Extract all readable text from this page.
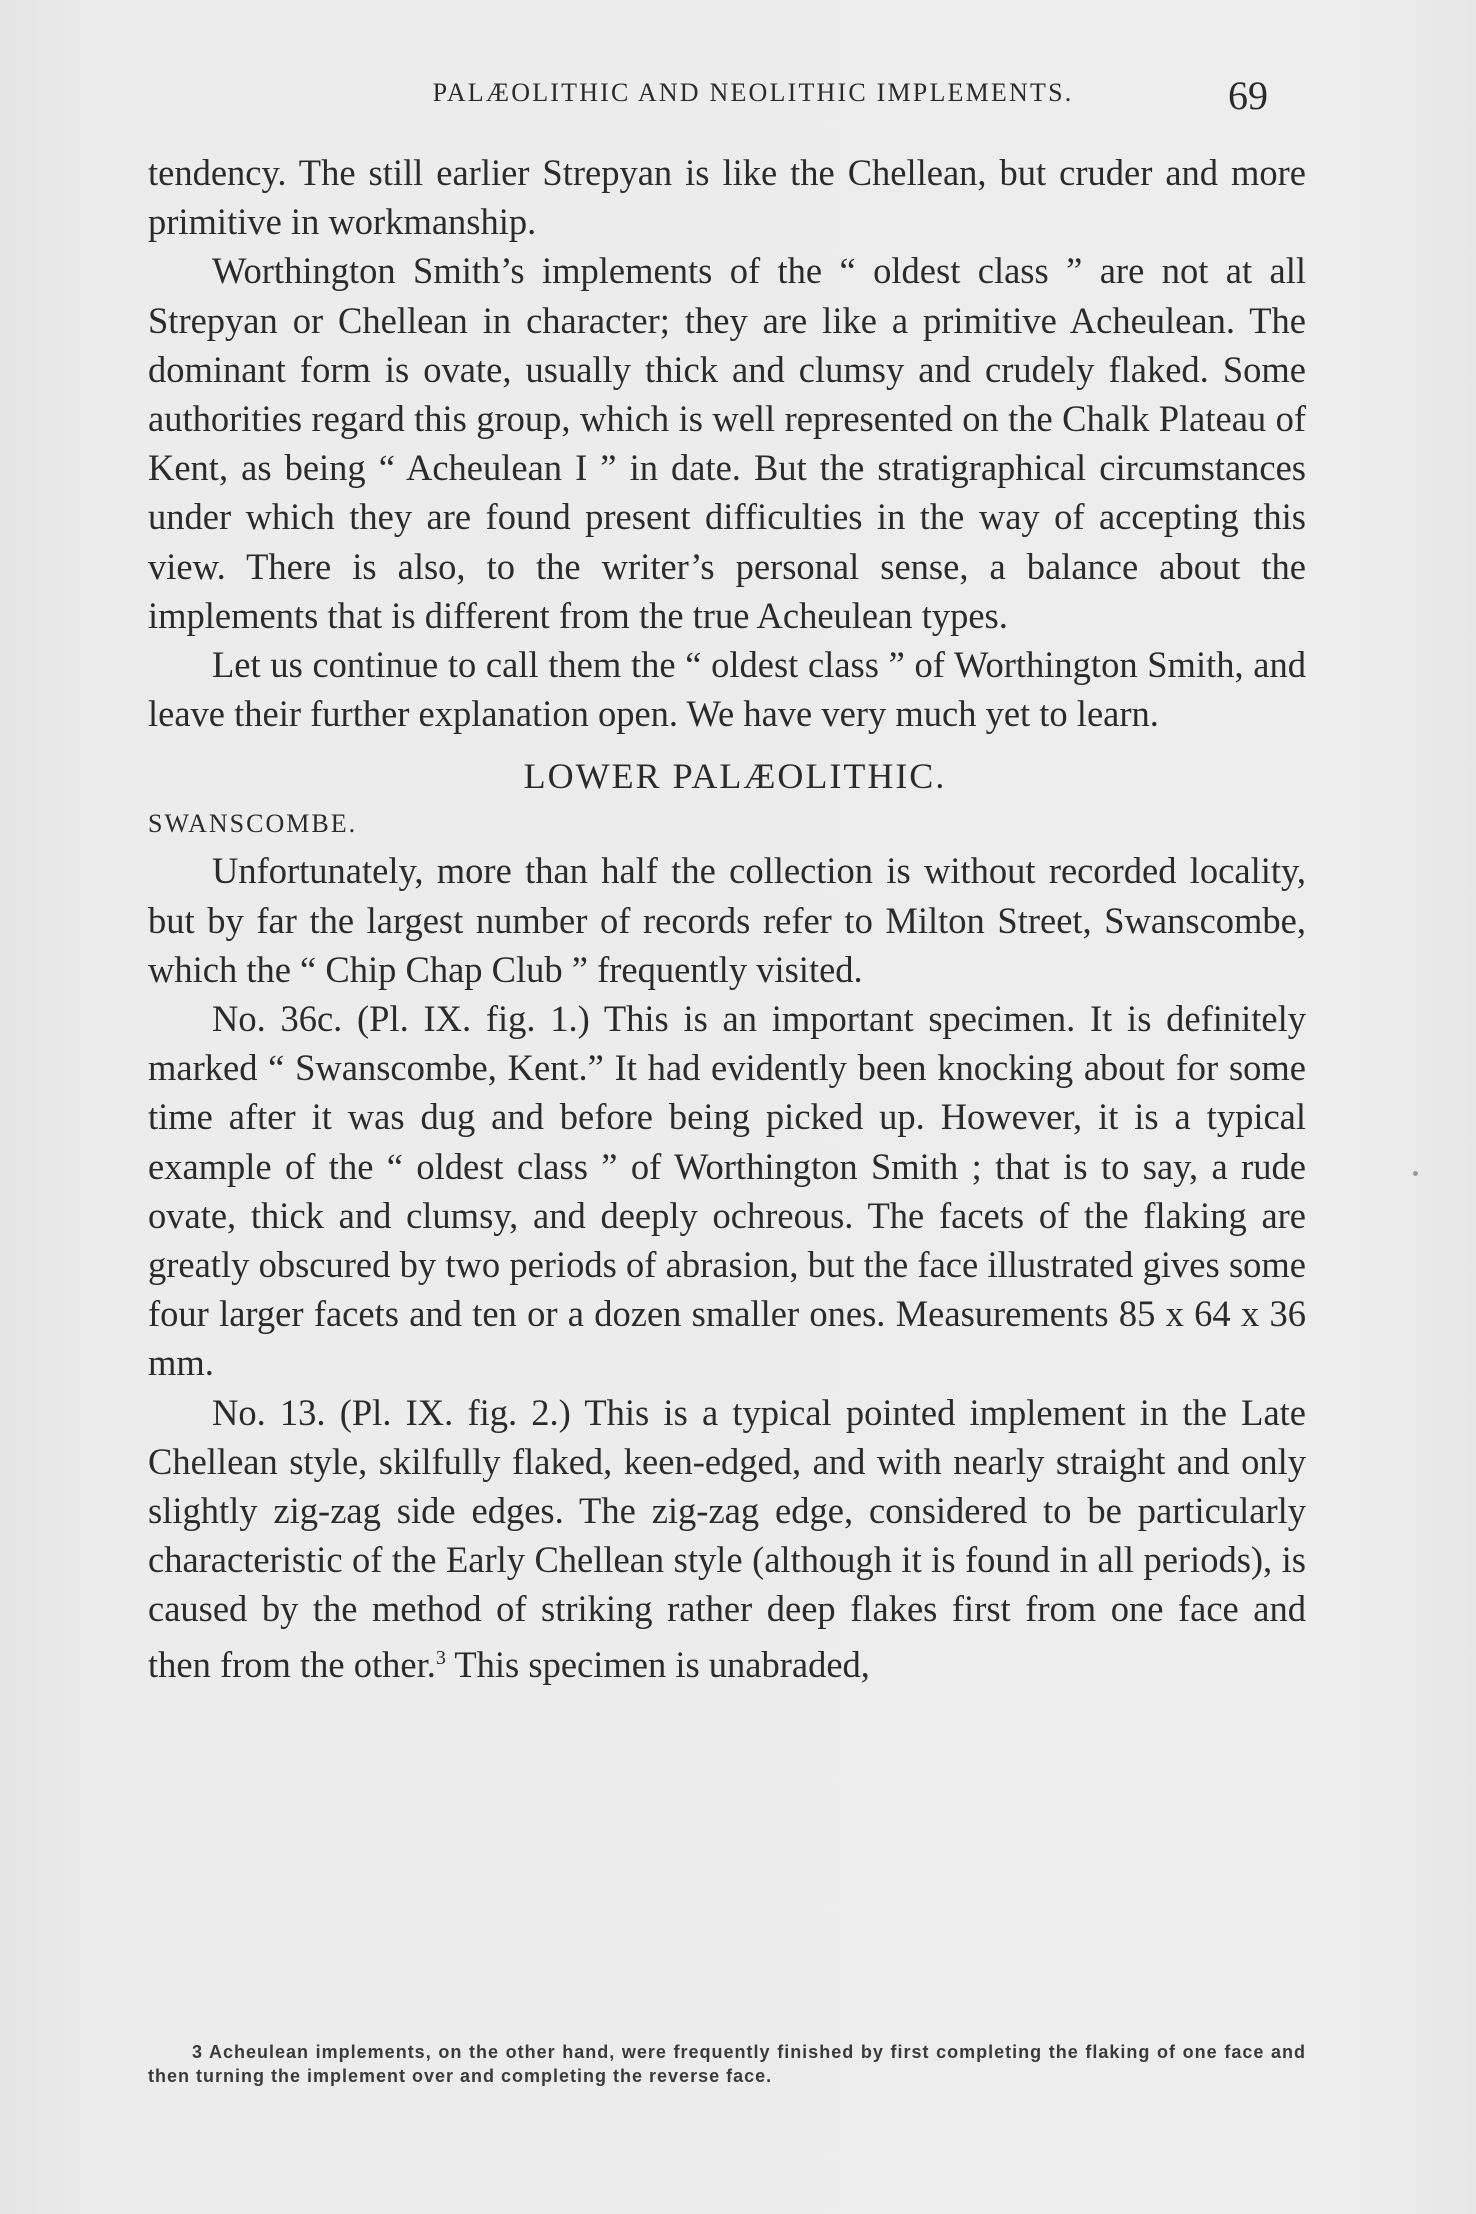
PALÆOLITHIC AND NEOLITHIC IMPLEMENTS.	69

tendency. The still earlier Strepyan is like the Chellean, but cruder and more primitive in workmanship.

Worthington Smith’s implements of the “ oldest class ” are not at all Strepyan or Chellean in character; they are like a primitive Acheulean. The dominant form is ovate, usually thick and clumsy and crudely flaked. Some authorities regard this group, which is well represented on the Chalk Plateau of Kent, as being “ Acheulean I ” in date. But the stratigraphical circumstances under which they are found present difficulties in the way of accepting this view. There is also, to the writer’s personal sense, a balance about the implements that is different from the true Acheulean types.

Let us continue to call them the “ oldest class ” of Worthington Smith, and leave their further explanation open. We have very much yet to learn.

LOWER PALÆOLITHIC.
SWANSCOMBE.

Unfortunately, more than half the collection is without recorded locality, but by far the largest number of records refer to Milton Street, Swanscombe, which the “ Chip Chap Club ” frequently visited.

No. 36c. (Pl. IX. fig. 1.) This is an important specimen. It is definitely marked “ Swanscombe, Kent.” It had evidently been knocking about for some time after it was dug and before being picked up. However, it is a typical example of the “ oldest class ” of Worthington Smith ; that is to say, a rude ovate, thick and clumsy, and deeply ochreous. The facets of the flaking are greatly obscured by two periods of abrasion, but the face illustrated gives some four larger facets and ten or a dozen smaller ones. Measurements 85 x 64 x 36 mm.

No. 13. (Pl. IX. fig. 2.) This is a typical pointed implement in the Late Chellean style, skilfully flaked, keen-edged, and with nearly straight and only slightly zig-zag side edges. The zig-zag edge, considered to be particularly characteristic of the Early Chellean style (although it is found in all periods), is caused by the method of striking rather deep flakes first from one face and then from the other.$^3$ This specimen is unabraded,

3 Acheulean implements, on the other hand, were frequently finished by first completing the flaking of one face and then turning the implement over and completing the reverse face.
